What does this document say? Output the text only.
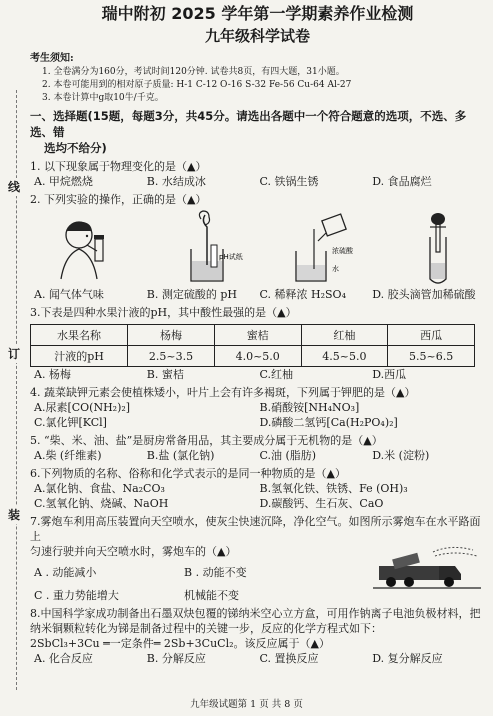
线
订
装
瑞中附初 2025 学年第一学期素养作业检测
九年级科学试卷
考生须知:
1. 全卷满分为160分，考试时间120分钟. 试卷共8页，有四大题，31小题。
2. 本卷可能用到的相对原子质量: H-1 C-12 O-16 S-32 Fe-56 Cu-64 Al-27
3. 本卷计算中g取10牛/千克。
一、选择题(15题，每题3分，共45分。请选出各题中一个符合题意的选项，不选、多选、错
选均不给分)
1. 以下现象属于物理变化的是（▲）
A. 甲烷燃烧	B. 水结成冰	C. 铁锅生锈	D. 食品腐烂
2. 下列实验的操作，正确的是（▲）
pH试纸
浓硫酸
水
A. 闻气体气味	B. 测定硫酸的 pH	C. 稀释浓 H₂SO₄	D. 胶头滴管加稀硫酸
3.下表是四种水果汁液的pH，其中酸性最强的是（▲）
水果名称	杨梅	蜜桔	红柚	西瓜
汁液的pH	2.5~3.5	4.0~5.0	4.5~5.0	5.5~6.5
A. 杨梅	B. 蜜桔	C.红柚	D.西瓜
4. 蔬菜缺钾元素会使植株矮小，叶片上会有许多褐斑，下列属于钾肥的是（▲）
A.尿素[CO(NH₂)₂]	B.硝酸铵[NH₄NO₃]
C.氯化钾[KCl]	D.磷酸二氢钙[Ca(H₂PO₄)₂]
5. “柴、米、油、盐”是厨房常备用品，其主要成分属于无机物的是（▲）
A.柴 (纤维素)	B.盐 (氯化钠)	C.油 (脂肪)	D.米 (淀粉)
6.下列物质的名称、俗称和化学式表示的是同一种物质的是（▲）
A.氯化钠、食盐、Na₂CO₃	B.氢氧化铁、铁锈、Fe (OH)₃
C.氢氧化钠、烧碱、NaOH	D.碳酸钙、生石灰、CaO
7.雾炮车利用高压装置向天空喷水，使灰尘快速沉降，净化空气。如图所示雾炮车在水平路面上
匀速行驶并向天空喷水时，雾炮车的（▲）
A . 动能减小	B . 动能不变
C . 重力势能增大	机械能不变
8.中国科学家成功制备出石墨双炔包覆的锑纳米空心立方盒，可用作钠离子电池负极材料，把
纳米铜颗粒转化为锑是制备过程中的关键一步，反应的化学方程式如下：
2SbCl₃+3Cu ═一定条件═ 2Sb+3CuCl₂。该反应属于（▲）
A. 化合反应	B. 分解反应	C. 置换反应	D. 复分解反应
九年级试题第 1 页 共 8 页
